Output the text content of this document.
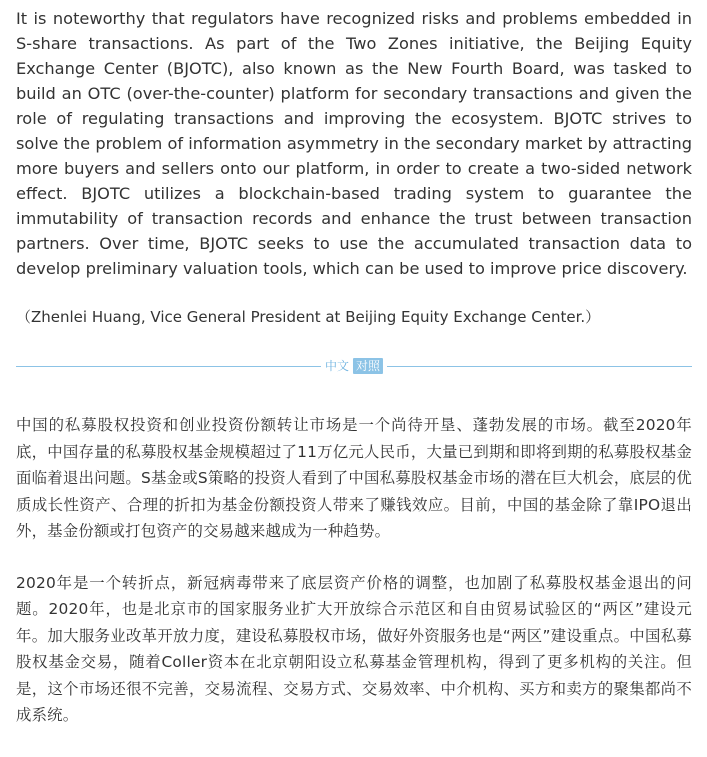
It is noteworthy that regulators have recognized risks and problems embedded in S-share transactions. As part of the Two Zones initiative, the Beijing Equity Exchange Center (BJOTC), also known as the New Fourth Board, was tasked to build an OTC (over-the-counter) platform for secondary transactions and given the role of regulating transactions and improving the ecosystem. BJOTC strives to solve the problem of information asymmetry in the secondary market by attracting more buyers and sellers onto our platform, in order to create a two-sided network effect. BJOTC utilizes a blockchain-based trading system to guarantee the immutability of transaction records and enhance the trust between transaction partners. Over time, BJOTC seeks to use the accumulated transaction data to develop preliminary valuation tools, which can be used to improve price discovery.

（Zhenlei Huang, Vice General President at Beijing Equity Exchange Center.）

中文 对照

中国的私募股权投资和创业投资份额转让市场是一个尚待开垦、蓬勃发展的市场。截至2020年底，中国存量的私募股权基金规模超过了11万亿元人民币，大量已到期和即将到期的私募股权基金面临着退出问题。S基金或S策略的投资人看到了中国私募股权基金市场的潜在巨大机会，底层的优质成长性资产、合理的折扣为基金份额投资人带来了赚钱效应。目前，中国的基金除了靠IPO退出外，基金份额或打包资产的交易越来越成为一种趋势。

2020年是一个转折点，新冠病毒带来了底层资产价格的调整，也加剧了私募股权基金退出的问题。2020年，也是北京市的国家服务业扩大开放综合示范区和自由贸易试验区的“两区”建设元年。加大服务业改革开放力度，建设私募股权市场，做好外资服务也是“两区”建设重点。中国私募股权基金交易，随着Coller资本在北京朝阳设立私募基金管理机构，得到了更多机构的关注。但是，这个市场还很不完善，交易流程、交易方式、交易效率、中介机构、买方和卖方的聚集都尚不成系统。
